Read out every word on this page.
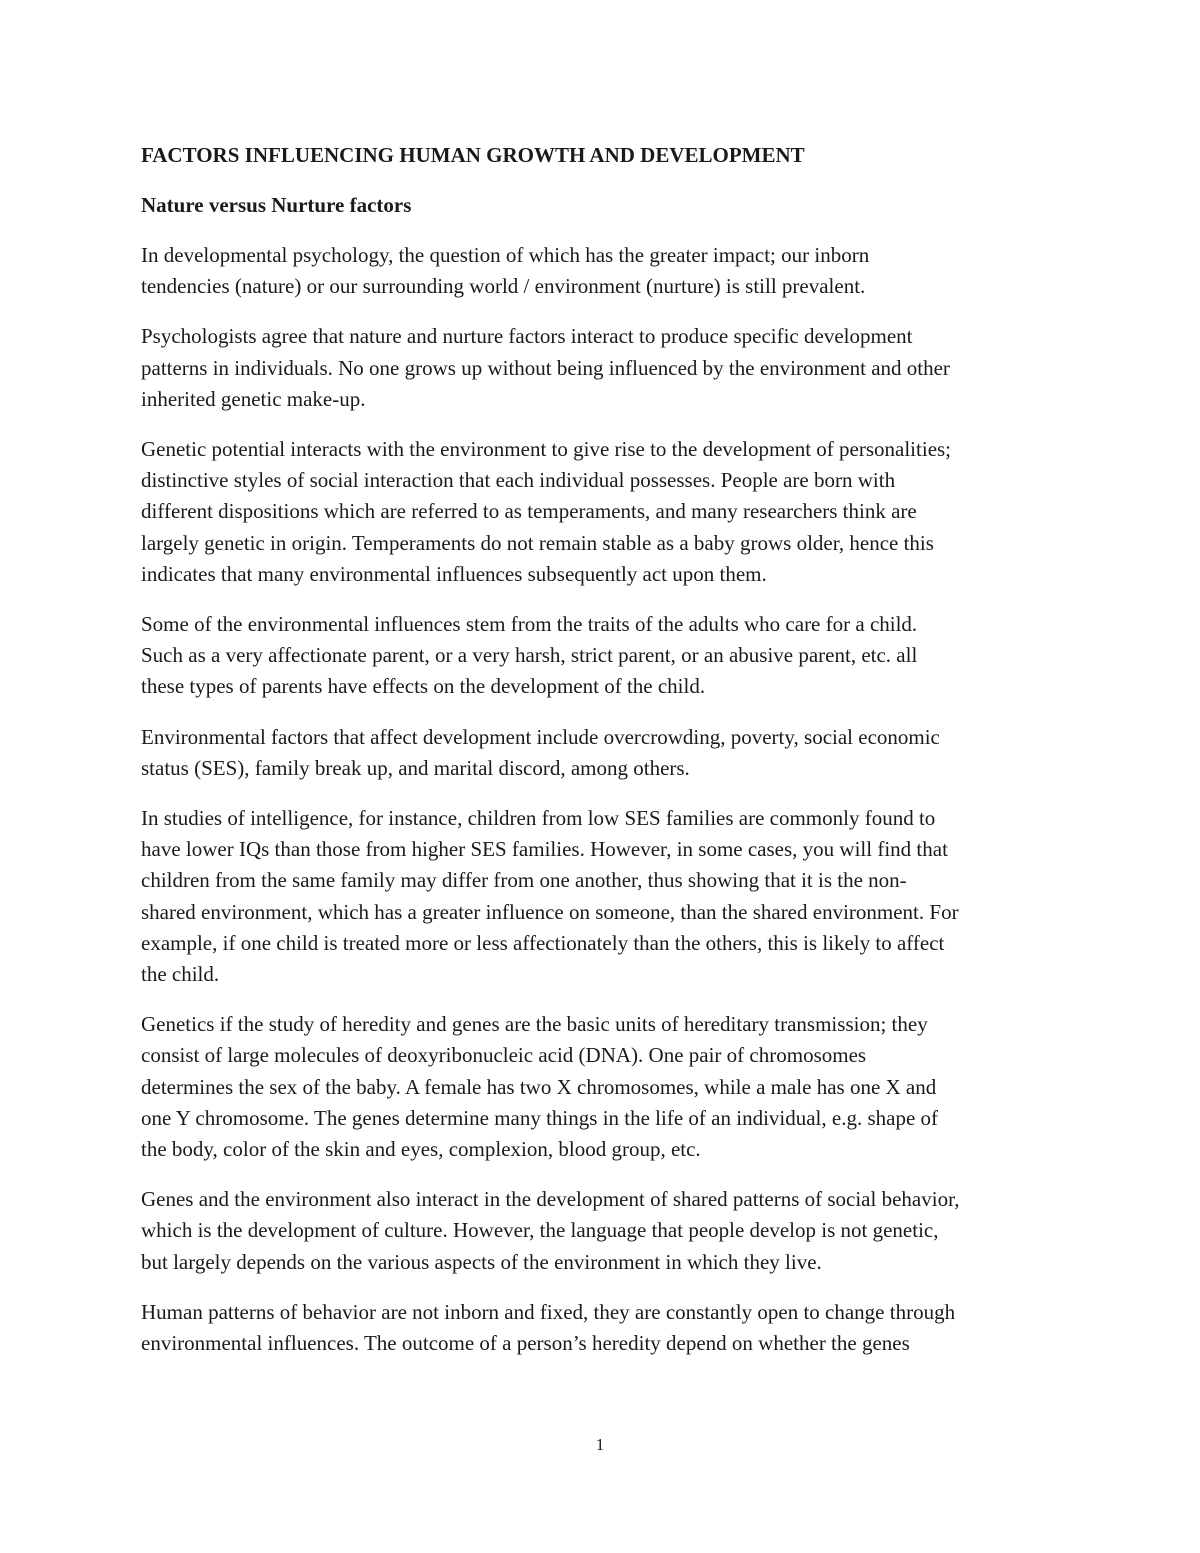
FACTORS INFLUENCING HUMAN GROWTH AND DEVELOPMENT
Nature versus Nurture factors
In developmental psychology, the question of which has the greater impact; our inborn
tendencies (nature) or our surrounding world / environment (nurture) is still prevalent.
Psychologists agree that nature and nurture factors interact to produce specific development
patterns in individuals. No one grows up without being influenced by the environment and other
inherited genetic make-up.
Genetic potential interacts with the environment to give rise to the development of personalities;
distinctive styles of social interaction that each individual possesses. People are born with
different dispositions which are referred to as temperaments, and many researchers think are
largely genetic in origin. Temperaments do not remain stable as a baby grows older, hence this
indicates that many environmental influences subsequently act upon them.
Some of the environmental influences stem from the traits of the adults who care for a child.
Such as a very affectionate parent, or a very harsh, strict parent, or an abusive parent, etc. all
these types of parents have effects on the development of the child.
Environmental factors that affect development include overcrowding, poverty, social economic
status (SES), family break up, and marital discord, among others.
In studies of intelligence, for instance, children from low SES families are commonly found to
have lower IQs than those from higher SES families. However, in some cases, you will find that
children from the same family may differ from one another, thus showing that it is the non-
shared environment, which has a greater influence on someone, than the shared environment. For
example, if one child is treated more or less affectionately than the others, this is likely to affect
the child.
Genetics if the study of heredity and genes are the basic units of hereditary transmission; they
consist of large molecules of deoxyribonucleic acid (DNA). One pair of chromosomes
determines the sex of the baby. A female has two X chromosomes, while a male has one X and
one Y chromosome. The genes determine many things in the life of an individual, e.g. shape of
the body, color of the skin and eyes, complexion, blood group, etc.
Genes and the environment also interact in the development of shared patterns of social behavior,
which is the development of culture. However, the language that people develop is not genetic,
but largely depends on the various aspects of the environment in which they live.
Human patterns of behavior are not inborn and fixed, they are constantly open to change through
environmental influences. The outcome of a person’s heredity depend on whether the genes
1
